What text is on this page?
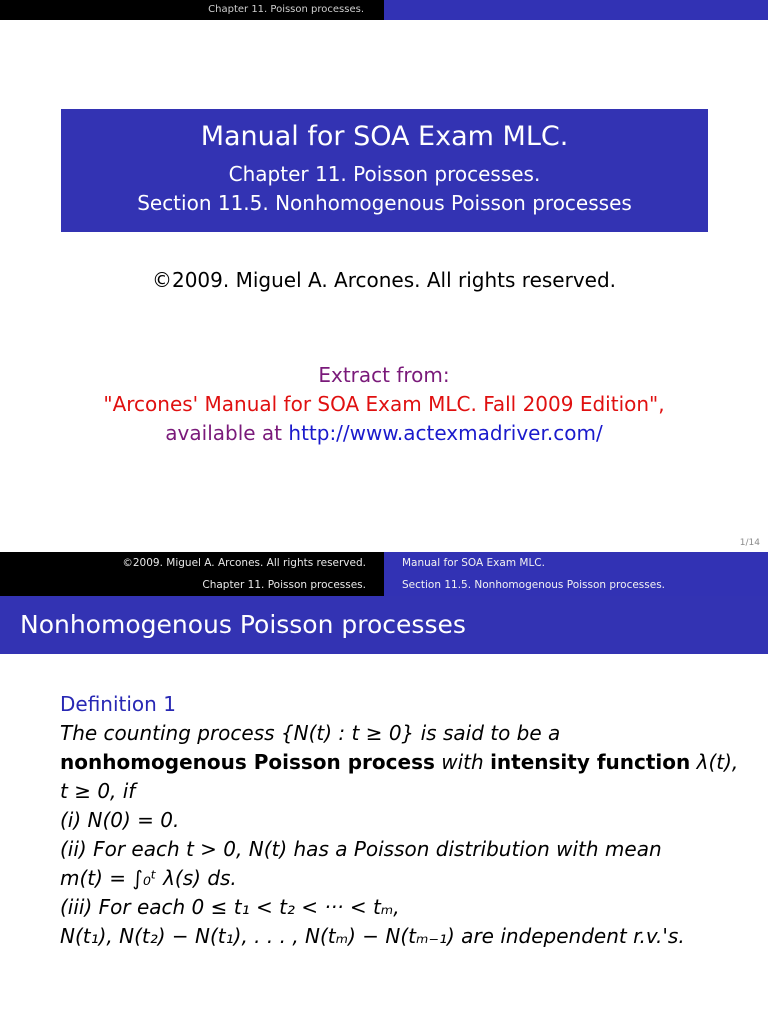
Chapter 11. Poisson processes.
Manual for SOA Exam MLC.
Chapter 11. Poisson processes.
Section 11.5. Nonhomogenous Poisson processes
©2009. Miguel A. Arcones. All rights reserved.
Extract from:
"Arcones' Manual for SOA Exam MLC. Fall 2009 Edition",
available at http://www.actexmadriver.com/
1/14
©2009. Miguel A. Arcones. All rights reserved.
Chapter 11. Poisson processes.
Manual for SOA Exam MLC.
Section 11.5. Nonhomogenous Poisson processes.
Nonhomogenous Poisson processes
Definition 1
The counting process {N(t) : t ≥ 0} is said to be a
nonhomogenous Poisson process with intensity function λ(t),
t ≥ 0, if
(i) N(0) = 0.
(ii) For each t > 0, N(t) has a Poisson distribution with mean
m(t) = ∫₀ᵗ λ(s) ds.
(iii) For each 0 ≤ t₁ < t₂ < ··· < tₘ,
N(t₁), N(t₂) − N(t₁), . . . , N(tₘ) − N(tₘ₋₁) are independent r.v.'s.
